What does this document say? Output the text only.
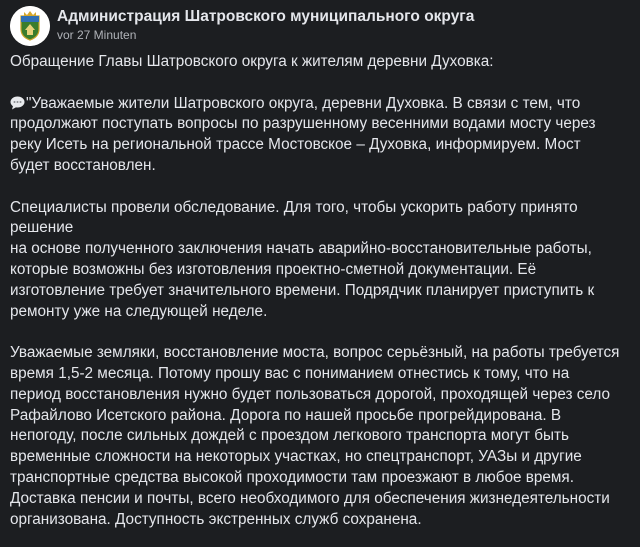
Администрация Шатровского муниципального округа
vor 27 Minuten

Обращение Главы Шатровского округа к жителям деревни Духовка:

"Уважаемые жители Шатровского округа, деревни Духовка. В связи с тем, что
продолжают поступать вопросы по разрушенному весенними водами мосту через
реку Исеть на региональной трассе Мостовское – Духовка, информируем. Мост
будет восстановлен.

Специалисты провели обследование. Для того, чтобы ускорить работу принято
решение
на основе полученного заключения начать аварийно-восстановительные работы,
которые возможны без изготовления проектно-сметной документации. Её
изготовление требует значительного времени. Подрядчик планирует приступить к
ремонту уже на следующей неделе.

Уважаемые земляки, восстановление моста, вопрос серьёзный, на работы требуется
время 1,5-2 месяца. Потому прошу вас с пониманием отнестись к тому, что на
период восстановления нужно будет пользоваться дорогой, проходящей через село
Рафайлово Исетского района. Дорога по нашей просьбе прогрейдирована. В
непогоду, после сильных дождей с проездом легкового транспорта могут быть
временные сложности на некоторых участках, но спецтранспорт, УАЗы и другие
транспортные средства высокой проходимости там проезжают в любое время.
Доставка пенсии и почты, всего необходимого для обеспечения жизнедеятельности
организована. Доступность экстренных служб сохранена.
